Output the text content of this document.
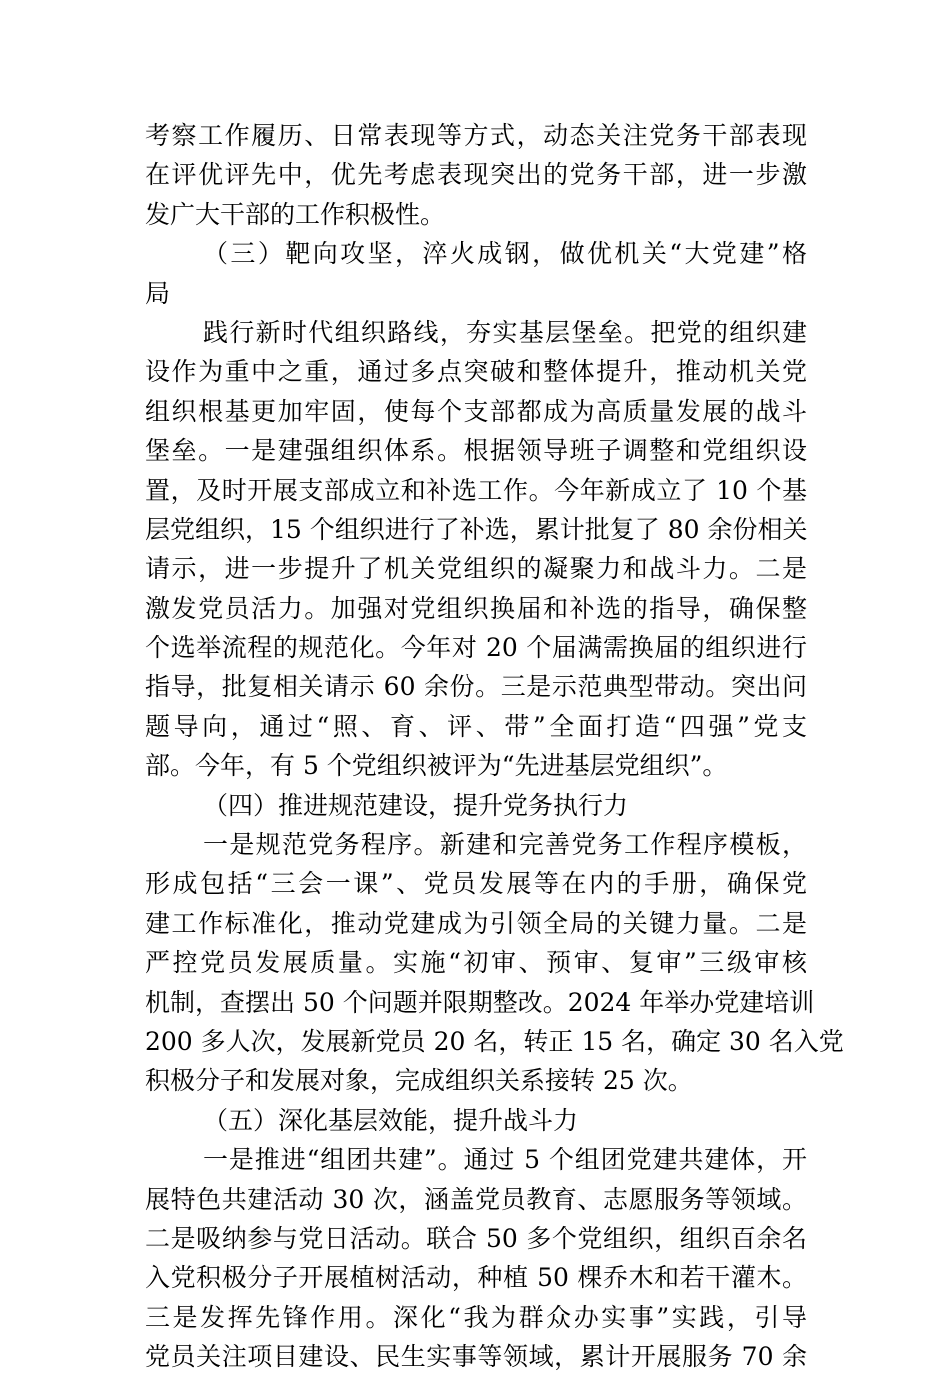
考察工作履历、日常表现等方式，动态关注党务干部表现
在评优评先中，优先考虑表现突出的党务干部，进一步激
发广大干部的工作积极性。
（三）靶向攻坚，淬火成钢，做优机关“大党建”格
局
践行新时代组织路线，夯实基层堡垒。把党的组织建
设作为重中之重，通过多点突破和整体提升，推动机关党
组织根基更加牢固，使每个支部都成为高质量发展的战斗
堡垒。一是建强组织体系。根据领导班子调整和党组织设
置，及时开展支部成立和补选工作。今年新成立了 10 个基
层党组织，15 个组织进行了补选，累计批复了 80 余份相关
请示，进一步提升了机关党组织的凝聚力和战斗力。二是
激发党员活力。加强对党组织换届和补选的指导，确保整
个选举流程的规范化。今年对 20 个届满需换届的组织进行
指导，批复相关请示 60 余份。三是示范典型带动。突出问
题导向，通过“照、育、评、带”全面打造“四强”党支
部。今年，有 5 个党组织被评为“先进基层党组织”。
（四）推进规范建设，提升党务执行力
一是规范党务程序。新建和完善党务工作程序模板，
形成包括“三会一课”、党员发展等在内的手册，确保党
建工作标准化，推动党建成为引领全局的关键力量。二是
严控党员发展质量。实施“初审、预审、复审”三级审核
机制，查摆出 50 个问题并限期整改。2024 年举办党建培训
200 多人次，发展新党员 20 名，转正 15 名，确定 30 名入党
积极分子和发展对象，完成组织关系接转 25 次。
（五）深化基层效能，提升战斗力
一是推进“组团共建”。通过 5 个组团党建共建体，开
展特色共建活动 30 次，涵盖党员教育、志愿服务等领域。
二是吸纳参与党日活动。联合 50 多个党组织，组织百余名
入党积极分子开展植树活动，种植 50 棵乔木和若干灌木。
三是发挥先锋作用。深化“我为群众办实事”实践，引导
党员关注项目建设、民生实事等领域，累计开展服务 70 余
